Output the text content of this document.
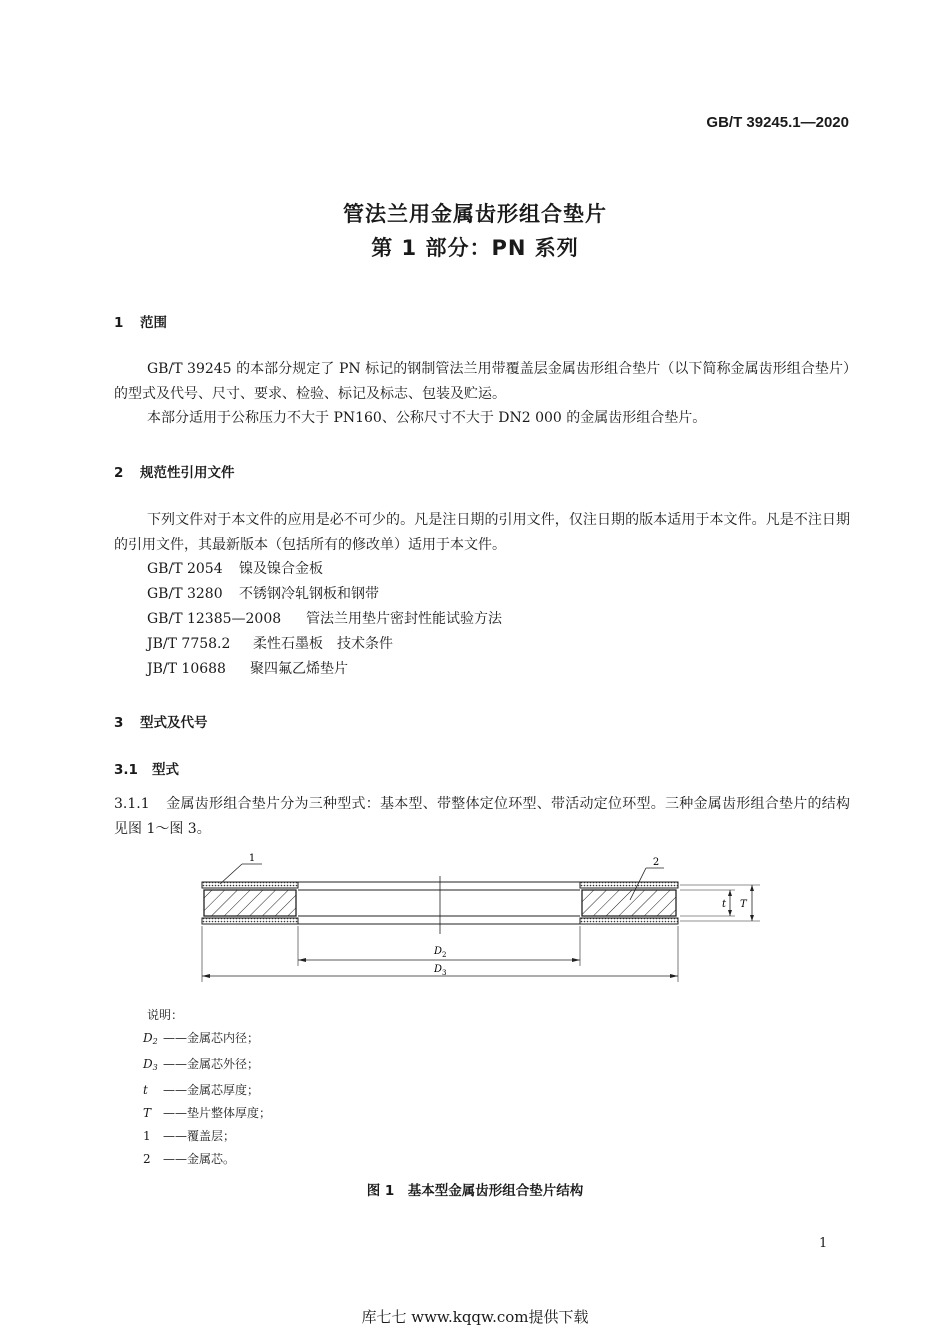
GB/T 39245.1—2020
管法兰用金属齿形组合垫片
第 1 部分：PN 系列
1 范围
GB/T 39245 的本部分规定了 PN 标记的钢制管法兰用带覆盖层金属齿形组合垫片（以下简称金属齿形组合垫片）的型式及代号、尺寸、要求、检验、标记及标志、包装及贮运。
本部分适用于公称压力不大于 PN160、公称尺寸不大于 DN2 000 的金属齿形组合垫片。
2 规范性引用文件
下列文件对于本文件的应用是必不可少的。凡是注日期的引用文件，仅注日期的版本适用于本文件。凡是不注日期的引用文件，其最新版本（包括所有的修改单）适用于本文件。
GB/T 2054 镍及镍合金板
GB/T 3280 不锈钢冷轧钢板和钢带
GB/T 12385—2008 管法兰用垫片密封性能试验方法
JB/T 7758.2 柔性石墨板　技术条件
JB/T 10688 聚四氟乙烯垫片
3 型式及代号
3.1 型式
3.1.1 金属齿形组合垫片分为三种型式：基本型、带整体定位环型、带活动定位环型。三种金属齿形组合垫片的结构见图 1～图 3。
1	2
t T
$D_2$
$D_3$
说明：
D2 ——金属芯内径；
D3 ——金属芯外径；
t ——金属芯厚度；
T ——垫片整体厚度；
1 ——覆盖层；
2 ——金属芯。
图 1　基本型金属齿形组合垫片结构
1
库七七 www.kqqw.com提供下载
